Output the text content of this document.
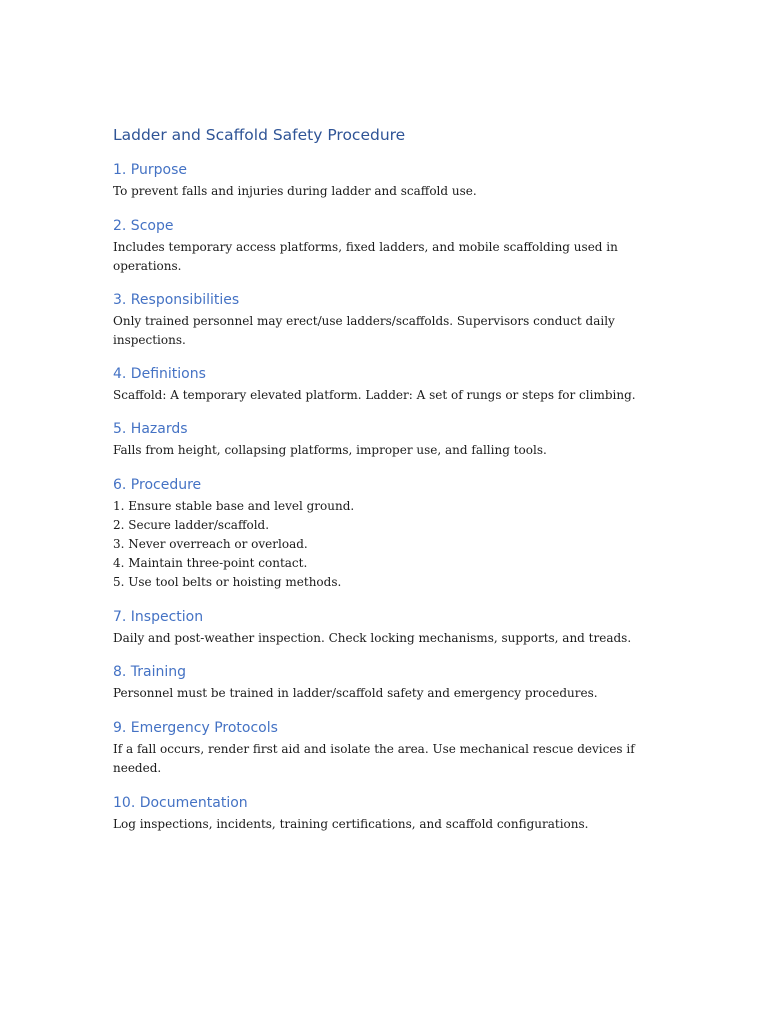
Ladder and Scaffold Safety Procedure
1. Purpose

To prevent falls and injuries during ladder and scaffold use.

2. Scope

Includes temporary access platforms, fixed ladders, and mobile scaffolding used in operations.

3. Responsibilities

Only trained personnel may erect/use ladders/scaffolds. Supervisors conduct daily inspections.

4. Definitions

Scaffold: A temporary elevated platform. Ladder: A set of rungs or steps for climbing.

5. Hazards

Falls from height, collapsing platforms, improper use, and falling tools.

6. Procedure
1. Ensure stable base and level ground.
2. Secure ladder/scaffold.
3. Never overreach or overload.
4. Maintain three-point contact.
5. Use tool belts or hoisting methods.
7. Inspection

Daily and post-weather inspection. Check locking mechanisms, supports, and treads.

8. Training

Personnel must be trained in ladder/scaffold safety and emergency procedures.

9. Emergency Protocols

If a fall occurs, render first aid and isolate the area. Use mechanical rescue devices if needed.

10. Documentation

Log inspections, incidents, training certifications, and scaffold configurations.
